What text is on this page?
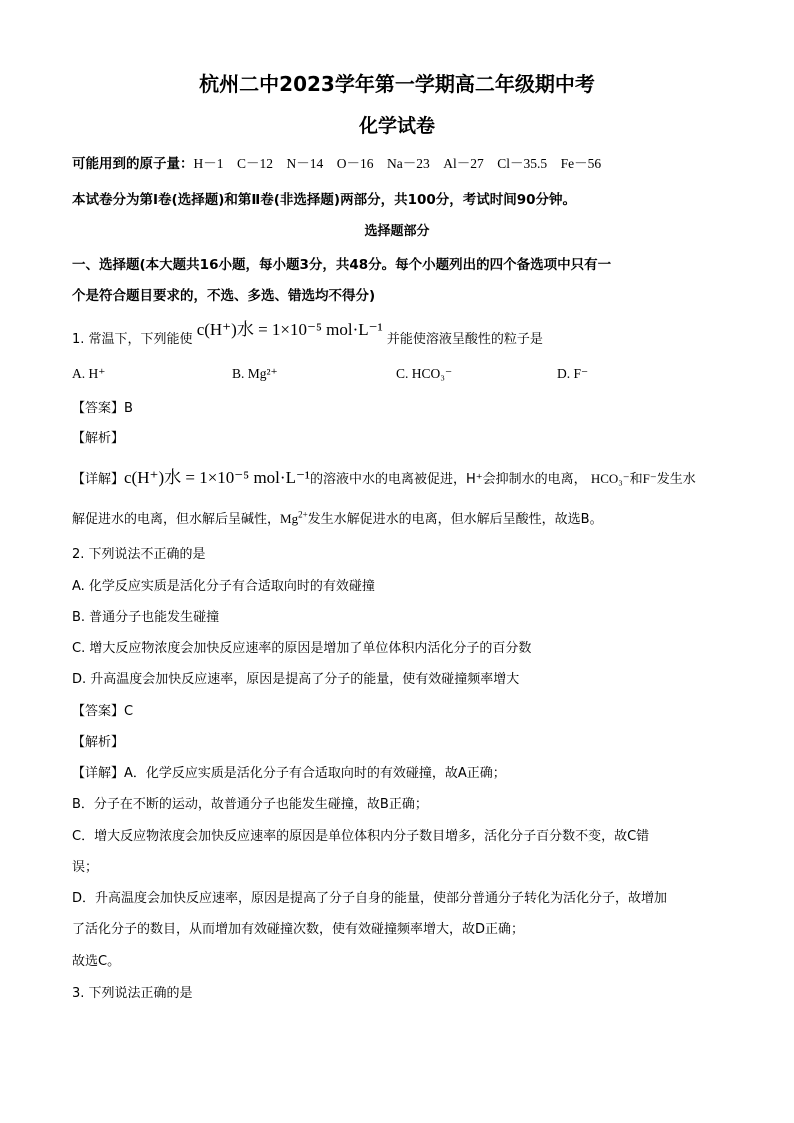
杭州二中2023学年第一学期高二年级期中考
化学试卷
可能用到的原子量：H－1　C－12　N－14　O－16　Na－23　Al－27　Cl－35.5　Fe－56
本试卷分为第Ⅰ卷(选择题)和第Ⅱ卷(非选择题)两部分，共100分，考试时间90分钟。
选择题部分
一、选择题(本大题共16小题，每小题3分，共48分。每个小题列出的四个备选项中只有一
个是符合题目要求的，不选、多选、错选均不得分)
1. 常温下，下列能使 c(H⁺)水 = 1×10⁻⁵ mol·L⁻¹ 并能使溶液呈酸性的粒子是
A. H⁺	B. Mg²⁺	C. HCO₃⁻	D. F⁻
【答案】B
【解析】
【详解】c(H⁺)水 = 1×10⁻⁵ mol·L⁻¹的溶液中水的电离被促进，H⁺会抑制水的电离， HCO₃⁻和F⁻发生水
解促进水的电离，但水解后呈碱性，$Mg^{2+}$发生水解促进水的电离，但水解后呈酸性，故选B。
2. 下列说法不正确的是
A. 化学反应实质是活化分子有合适取向时的有效碰撞
B. 普通分子也能发生碰撞
C. 增大反应物浓度会加快反应速率的原因是增加了单位体积内活化分子的百分数
D. 升高温度会加快反应速率，原因是提高了分子的能量，使有效碰撞频率增大
【答案】C
【解析】
【详解】A．化学反应实质是活化分子有合适取向时的有效碰撞，故A正确；
B．分子在不断的运动，故普通分子也能发生碰撞，故B正确；
C．增大反应物浓度会加快反应速率的原因是单位体积内分子数目增多，活化分子百分数不变，故C错
误；
D．升高温度会加快反应速率，原因是提高了分子自身的能量，使部分普通分子转化为活化分子，故增加
了活化分子的数目，从而增加有效碰撞次数，使有效碰撞频率增大，故D正确；
故选C。
3. 下列说法正确的是
